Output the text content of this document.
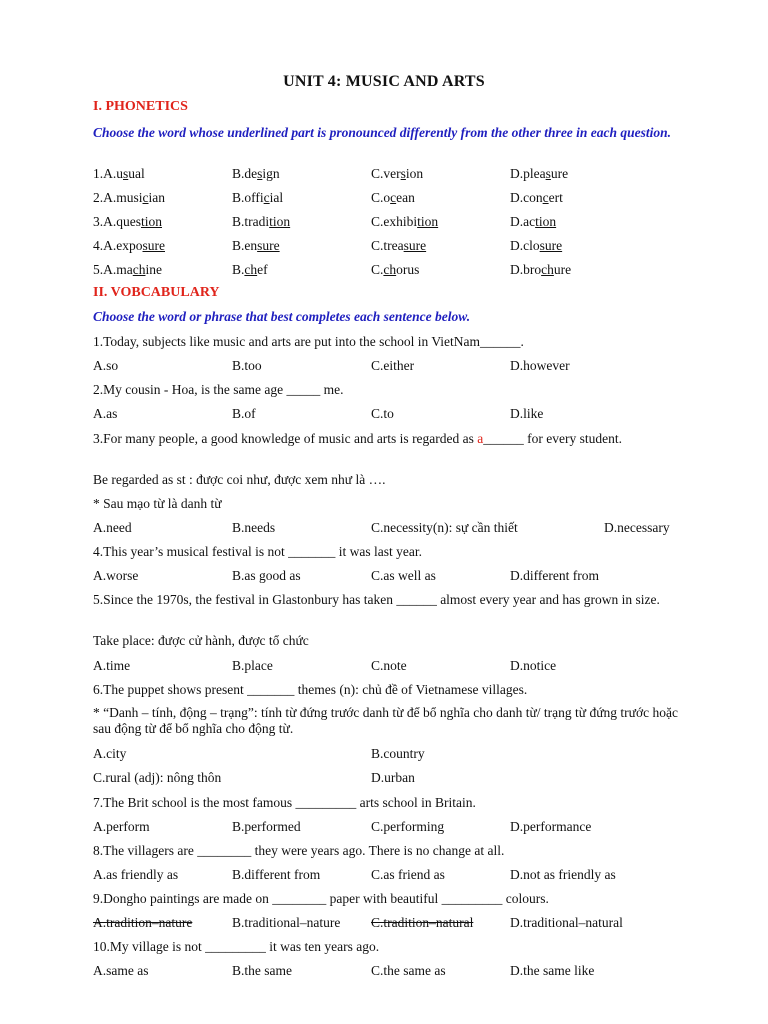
UNIT 4: MUSIC AND ARTS
I. PHONETICS
Choose the word whose underlined part is pronounced differently from the other three in each question.
1.A.usual	B.design	C.version	D.pleasure
2.A.musician	B.official	C.ocean	D.concert
3.A.question	B.tradition	C.exhibition	D.action
4.A.exposure	B.ensure	C.treasure	D.closure
5.A.machine	B.chef	C.chorus	D.brochure
II. VOBCABULARY
Choose the word or phrase that best completes each sentence below.
1.Today, subjects like music and arts are put into the school in VietNam______.
A.so	B.too	C.either	D.however
2.My cousin - Hoa, is the same age _____ me.
A.as	B.of	C.to	D.like
3.For many people, a good knowledge of music and arts is regarded as a______ for every student.
Be regarded as st : được coi như, được xem như là ….
* Sau mạo từ là danh từ
A.need	B.needs	C.necessity(n): sự cần thiết	D.necessary
4.This year’s musical festival is not _______ it was last year.
A.worse	B.as good as	C.as well as	D.different from
5.Since the 1970s, the festival in Glastonbury has taken ______ almost every year and has grown in size.
Take place: được cử hành, được tổ chức
A.time	B.place	C.note	D.notice
6.The puppet shows present _______ themes (n): chủ đề of Vietnamese villages.
* “Danh – tính, động – trạng”: tính từ đứng trước danh từ để bổ nghĩa cho danh từ/ trạng từ đứng trước hoặc sau động từ để bổ nghĩa cho động từ.
A.city	B.country
C.rural (adj): nông thôn	D.urban
7.The Brit school is the most famous _________ arts school in Britain.
A.perform	B.performed	C.performing	D.performance
8.The villagers are ________ they were years ago. There is no change at all.
A.as friendly as	B.different from	C.as friend as	D.not as friendly as
9.Dongho paintings are made on ________ paper with beautiful _________ colours.
A.tradition–nature	B.traditional–nature C.tradition–natural	D.traditional–natural
10.My village is not _________ it was ten years ago.
A.same as	B.the same	C.the same as	D.the same like
